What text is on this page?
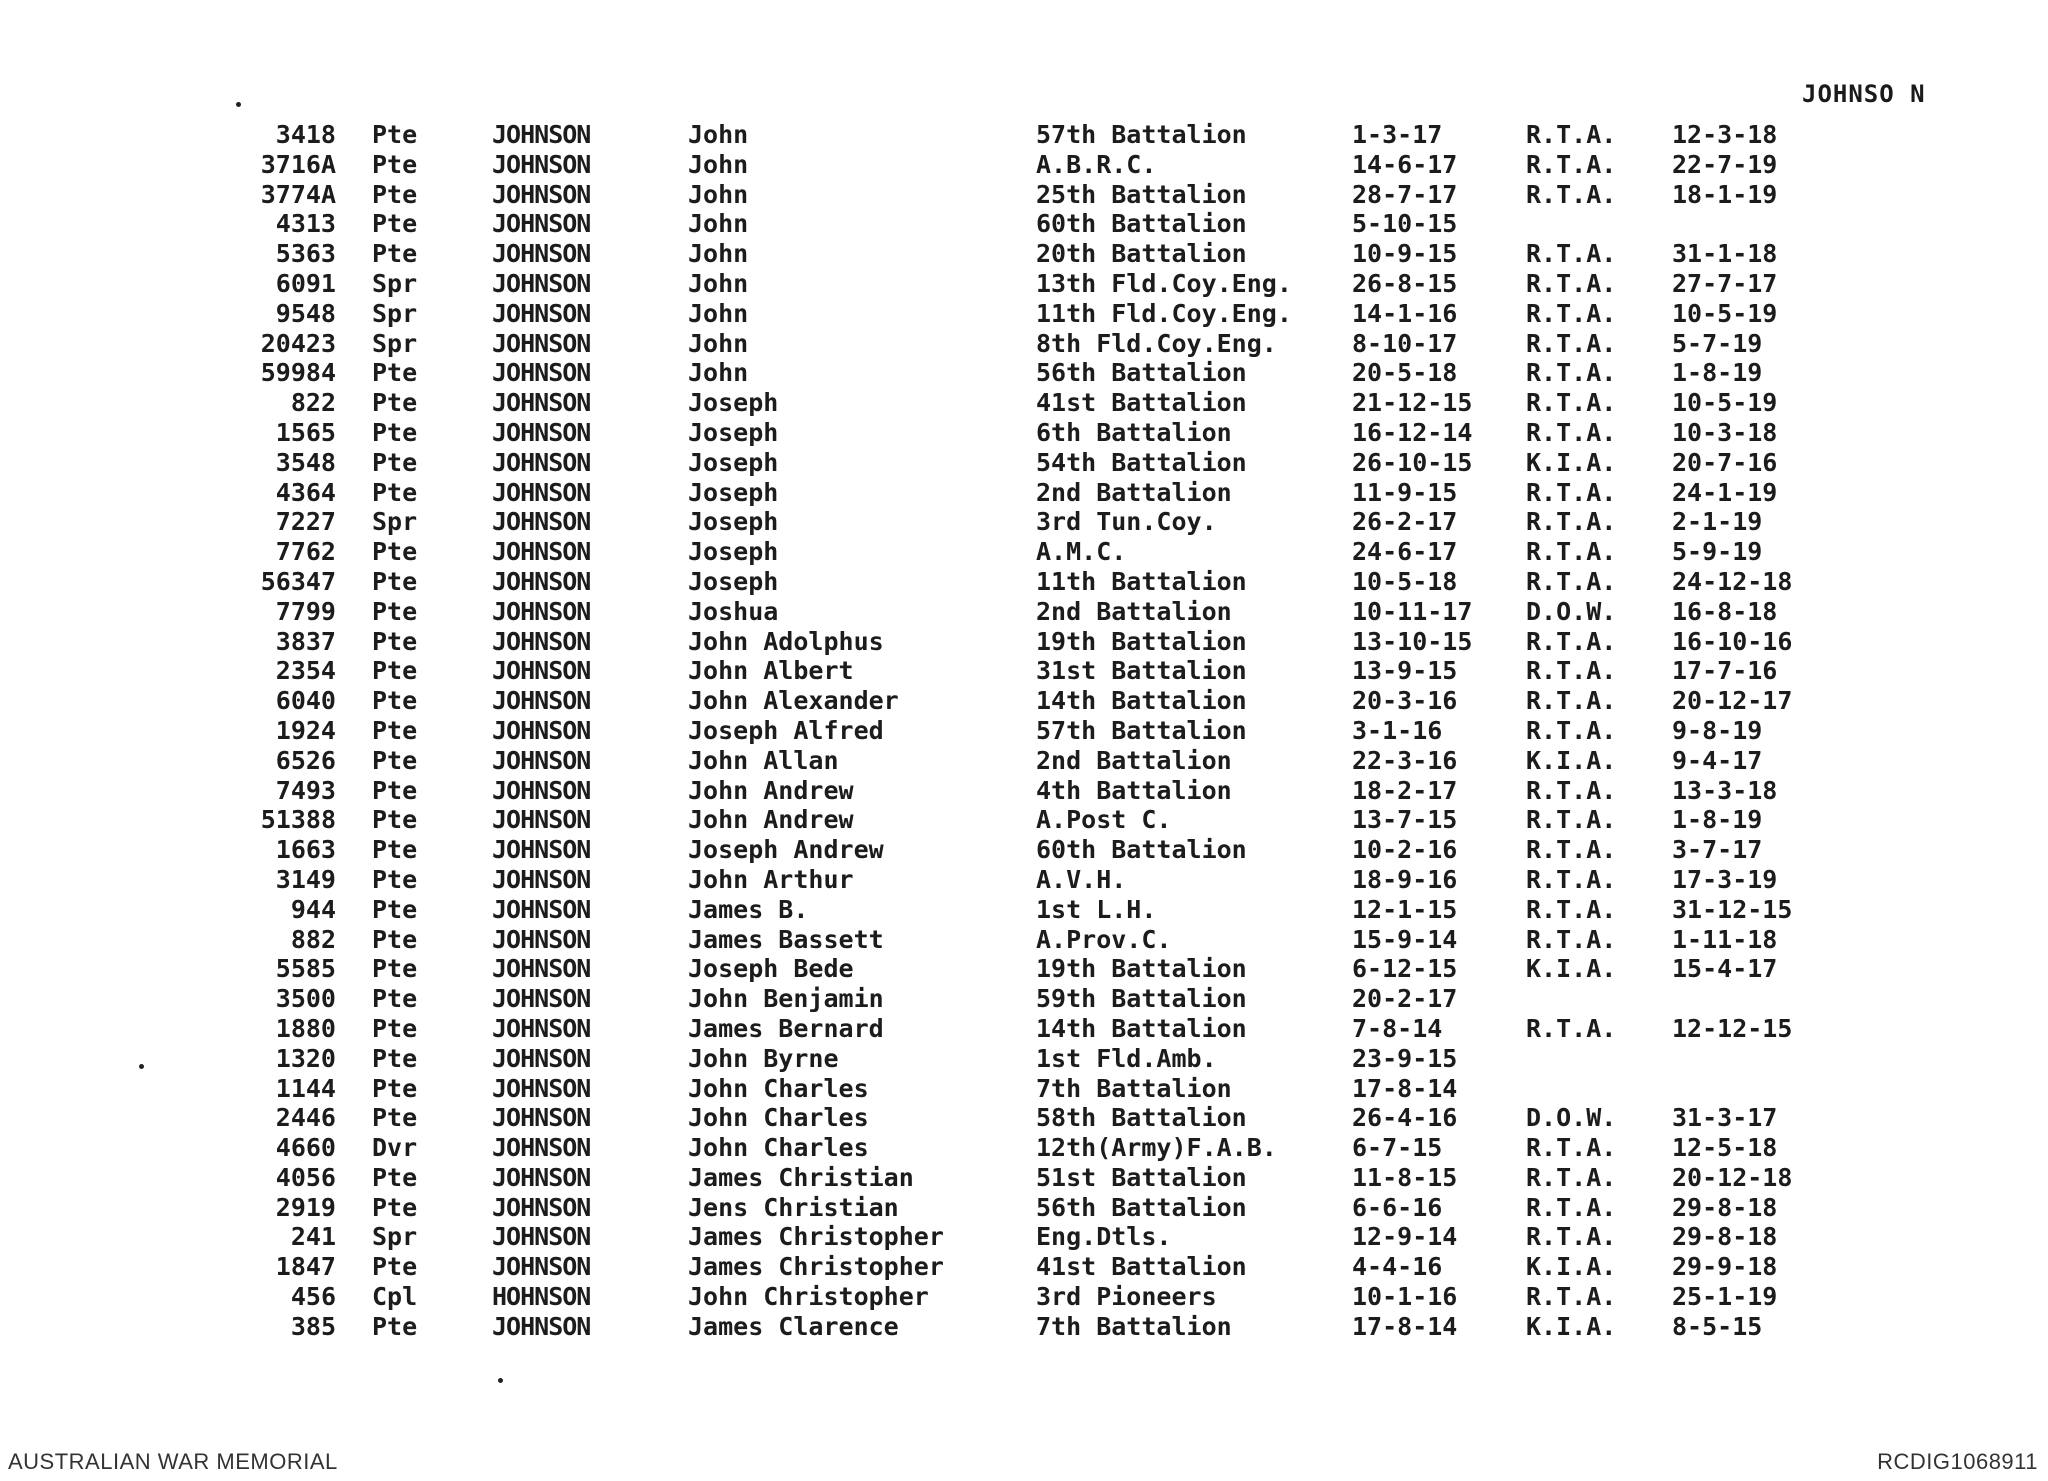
JOHNSO N
3418 Pte	JOHNSON	John	57th Battalion	1-3-17	R.T.A. 12-3-18
3716A Pte	JOHNSON	John	A.B.R.C.	14-6-17	R.T.A. 22-7-19
3774A Pte	JOHNSON	John	25th Battalion	28-7-17	R.T.A. 18-1-19
4313 Pte	JOHNSON	John	60th Battalion	5-10-15
5363 Pte	JOHNSON	John	20th Battalion	10-9-15	R.T.A. 31-1-18
6091 Spr	JOHNSON	John	13th Fld.Coy.Eng. 26-8-15	R.T.A. 27-7-17
9548 Spr	JOHNSON	John	11th Fld.Coy.Eng. 14-1-16	R.T.A. 10-5-19
20423 Spr	JOHNSON	John	8th Fld.Coy.Eng.	8-10-17	R.T.A. 5-7-19
59984 Pte	JOHNSON	John	56th Battalion	20-5-18	R.T.A. 1-8-19
822 Pte	JOHNSON	Joseph	41st Battalion	21-12-15 R.T.A. 10-5-19
1565 Pte	JOHNSON	Joseph	6th Battalion	16-12-14 R.T.A. 10-3-18
3548 Pte	JOHNSON	Joseph	54th Battalion	26-10-15 K.I.A. 20-7-16
4364 Pte	JOHNSON	Joseph	2nd Battalion	11-9-15	R.T.A. 24-1-19
7227 Spr	JOHNSON	Joseph	3rd Tun.Coy.	26-2-17	R.T.A. 2-1-19
7762 Pte	JOHNSON	Joseph	A.M.C.	24-6-17	R.T.A. 5-9-19
56347 Pte	JOHNSON	Joseph	11th Battalion	10-5-18	R.T.A. 24-12-18
7799 Pte	JOHNSON	Joshua	2nd Battalion	10-11-17 D.O.W. 16-8-18
3837 Pte	JOHNSON	John Adolphus	19th Battalion	13-10-15 R.T.A. 16-10-16
2354 Pte	JOHNSON	John Albert	31st Battalion	13-9-15	R.T.A. 17-7-16
6040 Pte	JOHNSON	John Alexander	14th Battalion	20-3-16	R.T.A. 20-12-17
1924 Pte	JOHNSON	Joseph Alfred	57th Battalion	3-1-16	R.T.A. 9-8-19
6526 Pte	JOHNSON	John Allan	2nd Battalion	22-3-16	K.I.A. 9-4-17
7493 Pte	JOHNSON	John Andrew	4th Battalion	18-2-17	R.T.A. 13-3-18
51388 Pte	JOHNSON	John Andrew	A.Post C.	13-7-15	R.T.A. 1-8-19
1663 Pte	JOHNSON	Joseph Andrew	60th Battalion	10-2-16	R.T.A. 3-7-17
3149 Pte	JOHNSON	John Arthur	A.V.H.	18-9-16	R.T.A. 17-3-19
944 Pte	JOHNSON	James B.	1st L.H.	12-1-15	R.T.A. 31-12-15
882 Pte	JOHNSON	James Bassett	A.Prov.C.	15-9-14	R.T.A. 1-11-18
5585 Pte	JOHNSON	Joseph Bede	19th Battalion	6-12-15	K.I.A. 15-4-17
3500 Pte	JOHNSON	John Benjamin	59th Battalion	20-2-17
1880 Pte	JOHNSON	James Bernard	14th Battalion	7-8-14	R.T.A. 12-12-15
1320 Pte	JOHNSON	John Byrne	1st Fld.Amb.	23-9-15
1144 Pte	JOHNSON	John Charles	7th Battalion	17-8-14
2446 Pte	JOHNSON	John Charles	58th Battalion	26-4-16	D.O.W. 31-3-17
4660 Dvr	JOHNSON	John Charles	12th(Army)F.A.B.	6-7-15	R.T.A. 12-5-18
4056 Pte	JOHNSON	James Christian	51st Battalion	11-8-15	R.T.A. 20-12-18
2919 Pte	JOHNSON	Jens Christian	56th Battalion	6-6-16	R.T.A. 29-8-18
241 Spr	JOHNSON	James Christopher	Eng.Dtls.	12-9-14	R.T.A. 29-8-18
1847 Pte	JOHNSON	James Christopher	41st Battalion	4-4-16	K.I.A. 29-9-18
456 Cpl	HOHNSON	John Christopher	3rd Pioneers	10-1-16	R.T.A. 25-1-19
385 Pte	JOHNSON	James Clarence	7th Battalion	17-8-14	K.I.A. 8-5-15
AUSTRALIAN WAR MEMORIAL	RCDIG1068911
